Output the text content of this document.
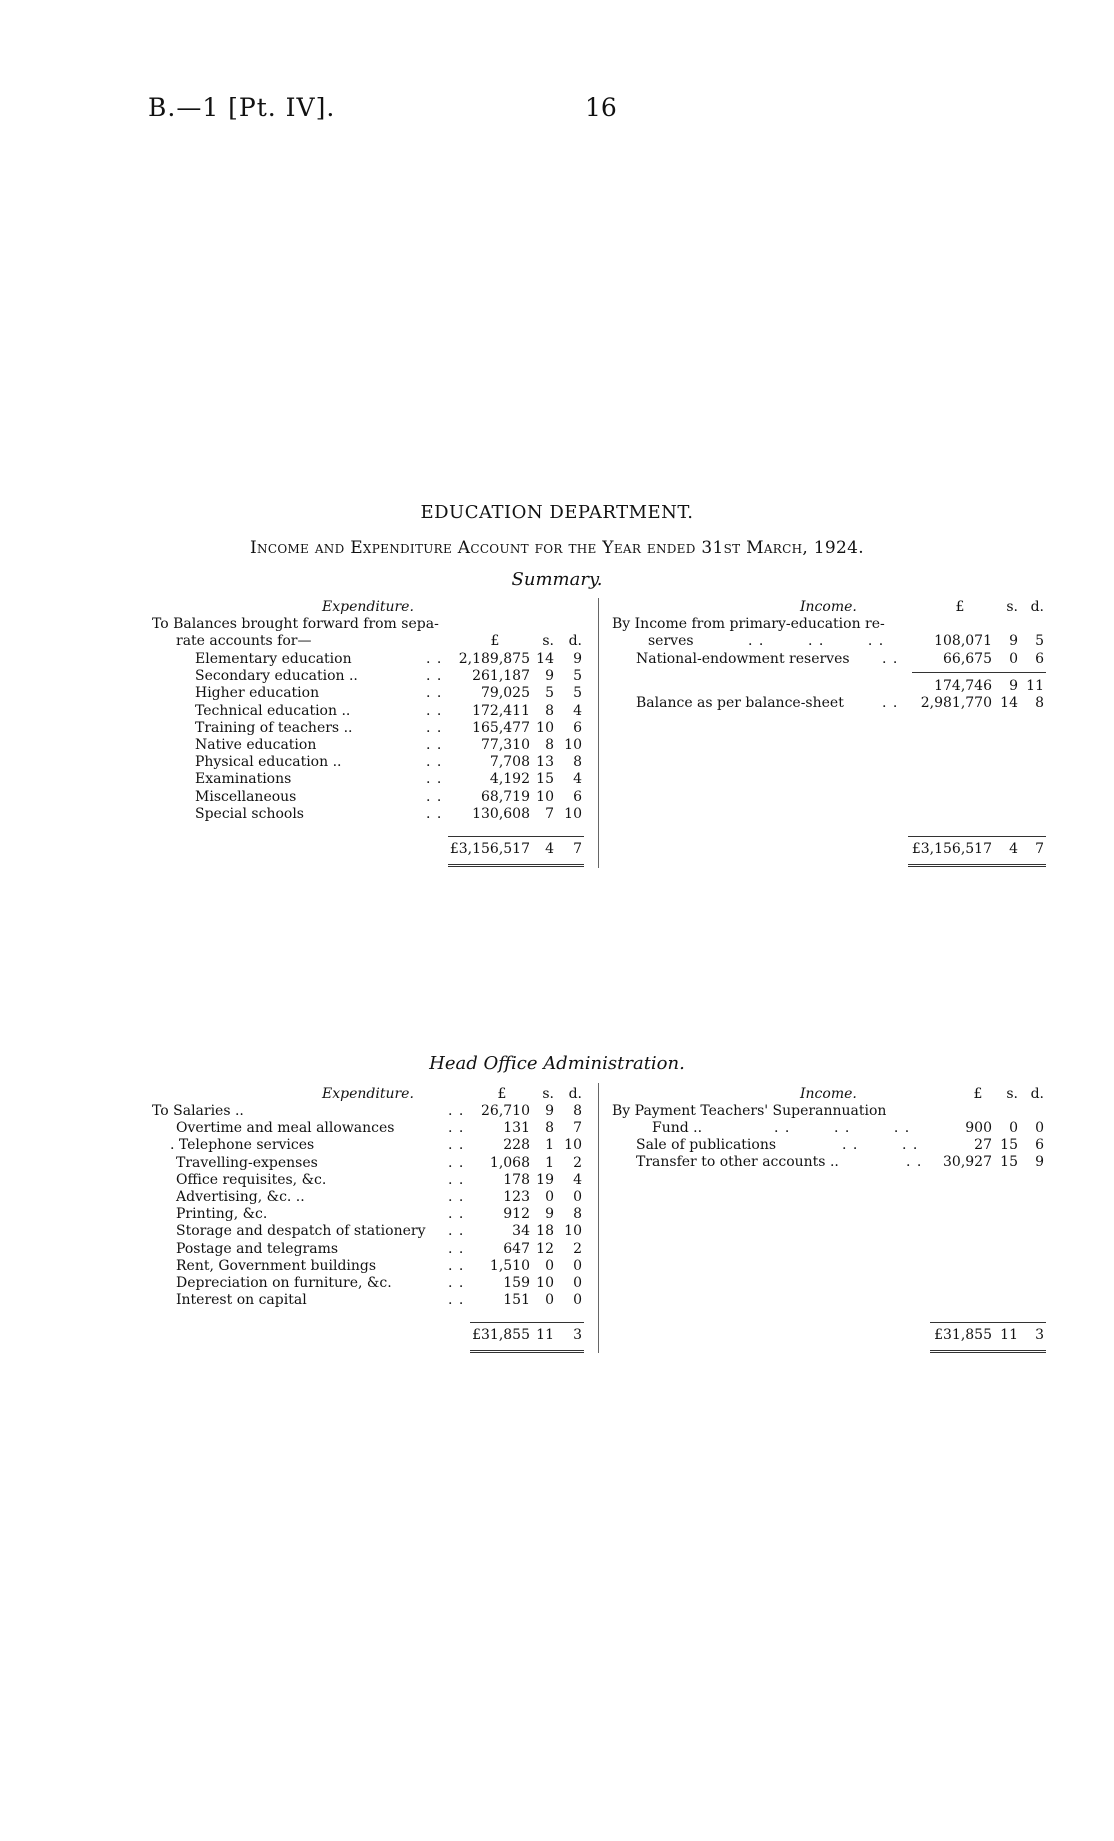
B.—1 [Pt. IV].	16
EDUCATION DEPARTMENT.
Income and Expenditure Account for the Year ended 31st March, 1924.
Summary.
Expenditure.
To Balances brought forward from sepa-
rate accounts for—	£	s.	d.
Elementary education	. .	2,189,875 14	9
Secondary education ..	. .	261,187	9	5
Higher education	. .	79,025	5	5
Technical education ..	. .	172,411	8	4
Training of teachers ..	. .	165,477 10	6
Native education	. .	77,310	8 10
Physical education ..	. .	7,708 13	8
Examinations	. .	4,192 15	4
Miscellaneous	. .	68,719 10	6
Special schools	. .	130,608	7 10
£3,156,517	4	7
Income.	£	s. d.
By Income from primary-education re-
serves	. .        . .        . .	108,071	9	5
National-endowment reserves . .	66,675	0	6
174,746	9 11
Balance as per balance-sheet	. .	2,981,770 14	8
£3,156,517	4	7
Head Office Administration.
Expenditure.	£	s.	d.
To Salaries ..	. .	26,710	9	8
Overtime and meal allowances	. .	131	8	7
. Telephone services	. .	228	1 10
Travelling-expenses	. .	1,068	1	2
Office requisites, &c.	. .	178 19	4
Advertising, &c. ..	. .	123	0	0
Printing, &c.	. .	912	9	8
Storage and despatch of stationery . .	34 18 10
Postage and telegrams	. .	647 12	2
Rent, Government buildings	. .	1,510	0	0
Depreciation on furniture, &c.	. .	159 10	0
Interest on capital	. .	151	0	0
£31,855 11	3
Income.	£	s. d.
By Payment Teachers' Superannuation
Fund ..	. .        . .        . .	900	0	0
Sale of publications	. .        . .	27 15	6
Transfer to other accounts ..	. .	30,927 15	9
£31,855 11	3
